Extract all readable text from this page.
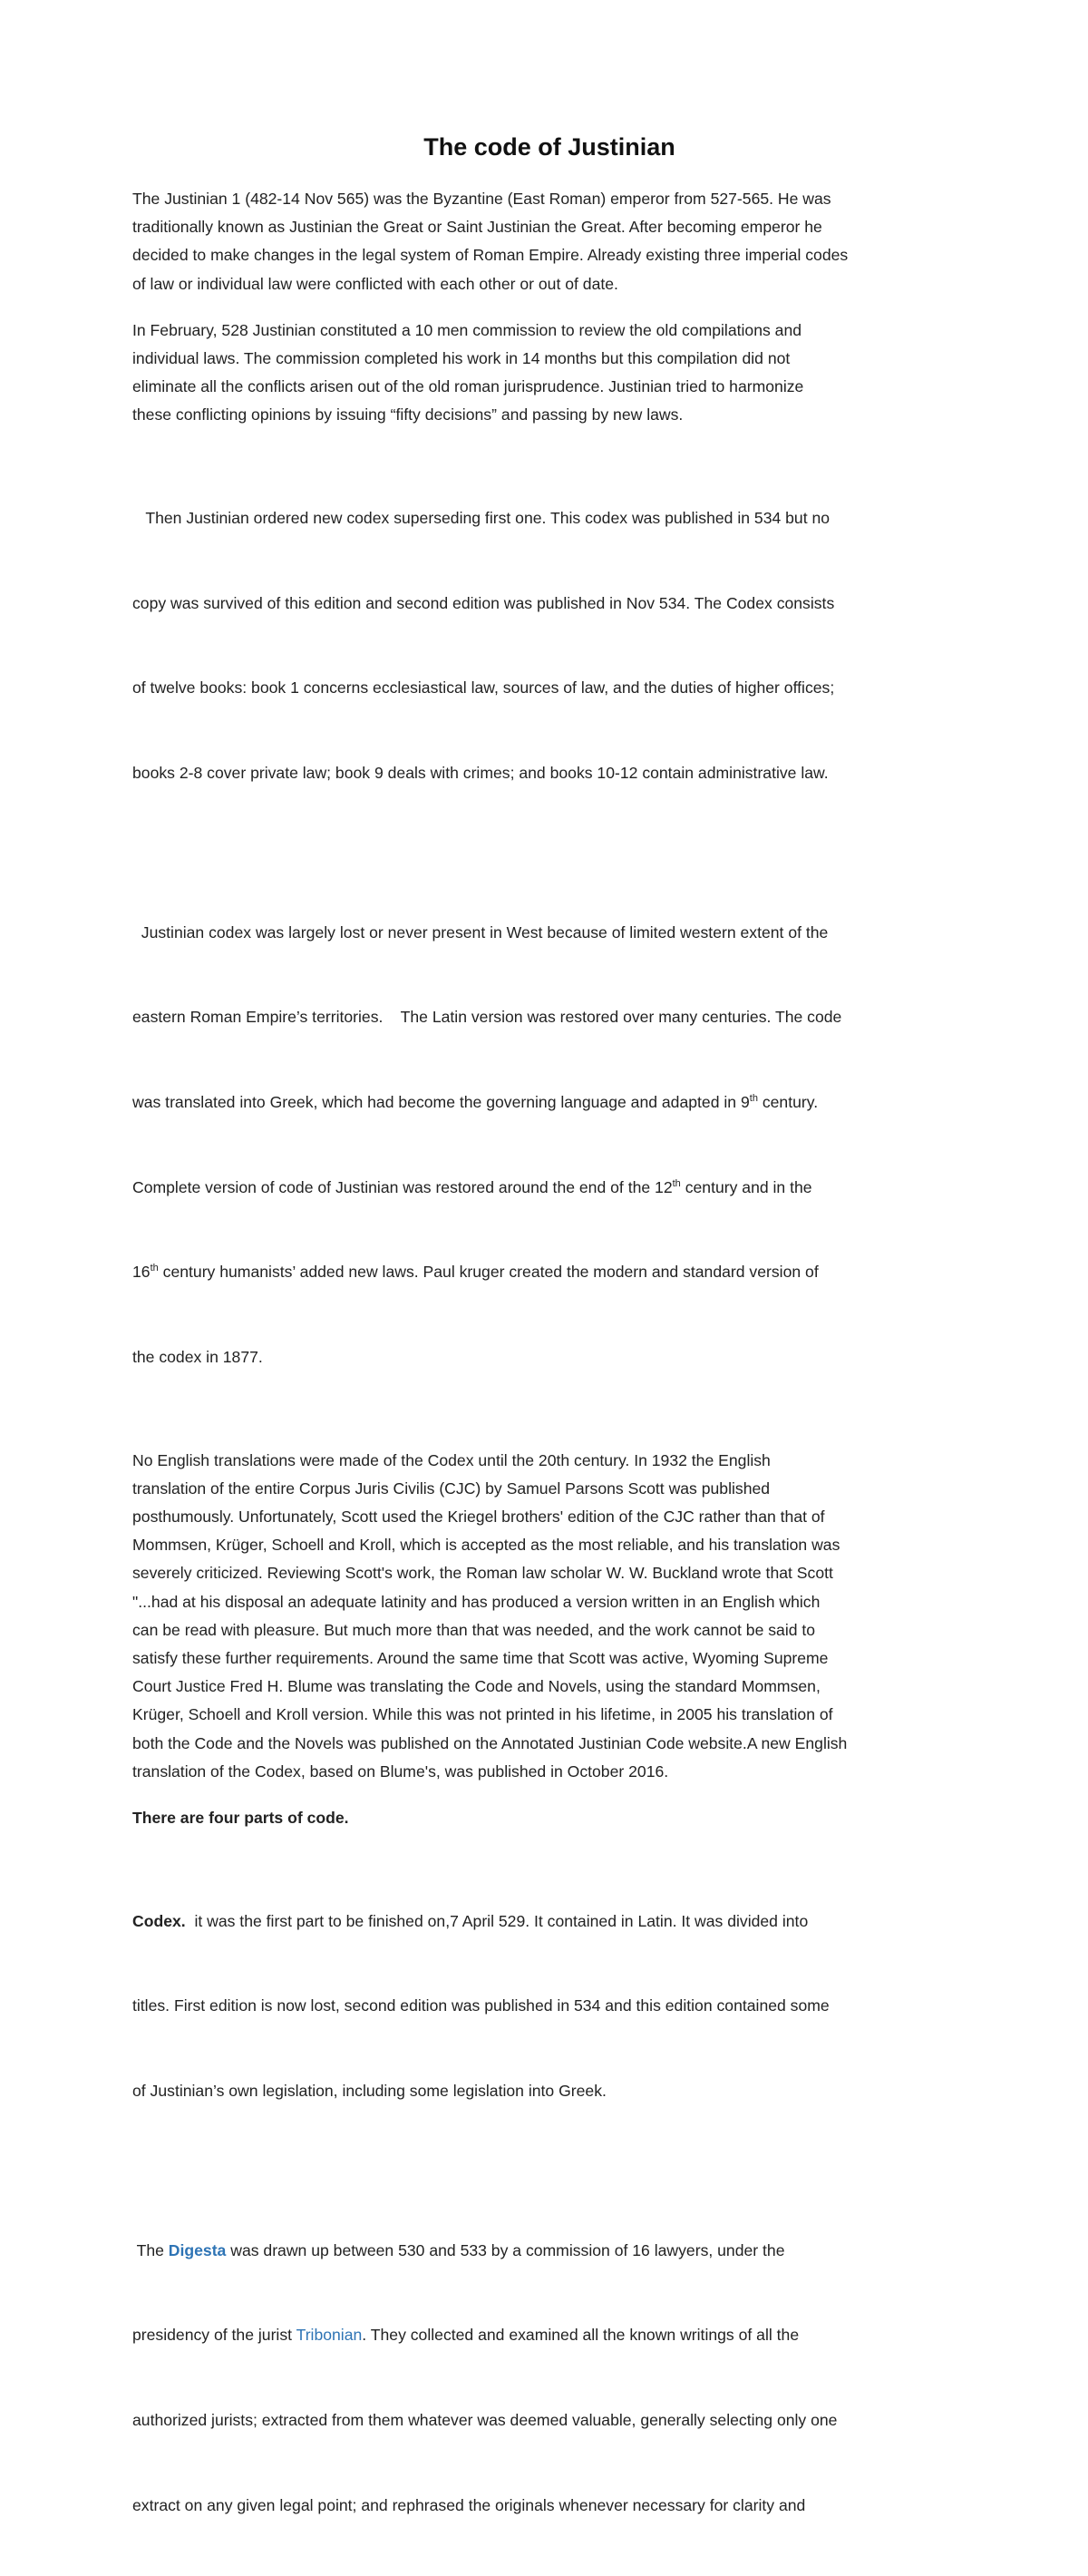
The code of Justinian

The Justinian 1 (482-14 Nov 565) was the Byzantine (East Roman) emperor from 527-565. He was
traditionally known as Justinian the Great or Saint Justinian the Great. After becoming emperor he
decided to make changes in the legal system of Roman Empire. Already existing three imperial codes
of law or individual law were conflicted with each other or out of date.

In February, 528 Justinian constituted a 10 men commission to review the old compilations and
individual laws. The commission completed his work in 14 months but this compilation did not
eliminate all the conflicts arisen out of the old roman jurisprudence. Justinian tried to harmonize
these conflicting opinions by issuing “fifty decisions” and passing by new laws.

Then Justinian ordered new codex superseding first one. This codex was published in 534 but no

copy was survived of this edition and second edition was published in Nov 534. The Codex consists

of twelve books: book 1 concerns ecclesiastical law, sources of law, and the duties of higher offices;

books 2-8 cover private law; book 9 deals with crimes; and books 10-12 contain administrative law.

Justinian codex was largely lost or never present in West because of limited western extent of the

eastern Roman Empire’s territories.    The Latin version was restored over many centuries. The code

was translated into Greek, which had become the governing language and adapted in 9th century.

Complete version of code of Justinian was restored around the end of the 12th century and in the

16th century humanists’ added new laws. Paul kruger created the modern and standard version of

the codex in 1877.

No English translations were made of the Codex until the 20th century. In 1932 the English
translation of the entire Corpus Juris Civilis (CJC) by Samuel Parsons Scott was published
posthumously. Unfortunately, Scott used the Kriegel brothers' edition of the CJC rather than that of
Mommsen, Krüger, Schoell and Kroll, which is accepted as the most reliable, and his translation was
severely criticized. Reviewing Scott's work, the Roman law scholar W. W. Buckland wrote that Scott
"...had at his disposal an adequate latinity and has produced a version written in an English which
can be read with pleasure. But much more than that was needed, and the work cannot be said to
satisfy these further requirements. Around the same time that Scott was active, Wyoming Supreme
Court Justice Fred H. Blume was translating the Code and Novels, using the standard Mommsen,
Krüger, Schoell and Kroll version. While this was not printed in his lifetime, in 2005 his translation of
both the Code and the Novels was published on the Annotated Justinian Code website.A new English
translation of the Codex, based on Blume's, was published in October 2016.

There are four parts of code.

Codex.  it was the first part to be finished on,7 April 529. It contained in Latin. It was divided into

titles. First edition is now lost, second edition was published in 534 and this edition contained some

of Justinian’s own legislation, including some legislation into Greek.

The Digesta was drawn up between 530 and 533 by a commission of 16 lawyers, under the

presidency of the jurist Tribonian. They collected and examined all the known writings of all the

authorized jurists; extracted from them whatever was deemed valuable, generally selecting only one

extract on any given legal point; and rephrased the originals whenever necessary for clarity and
